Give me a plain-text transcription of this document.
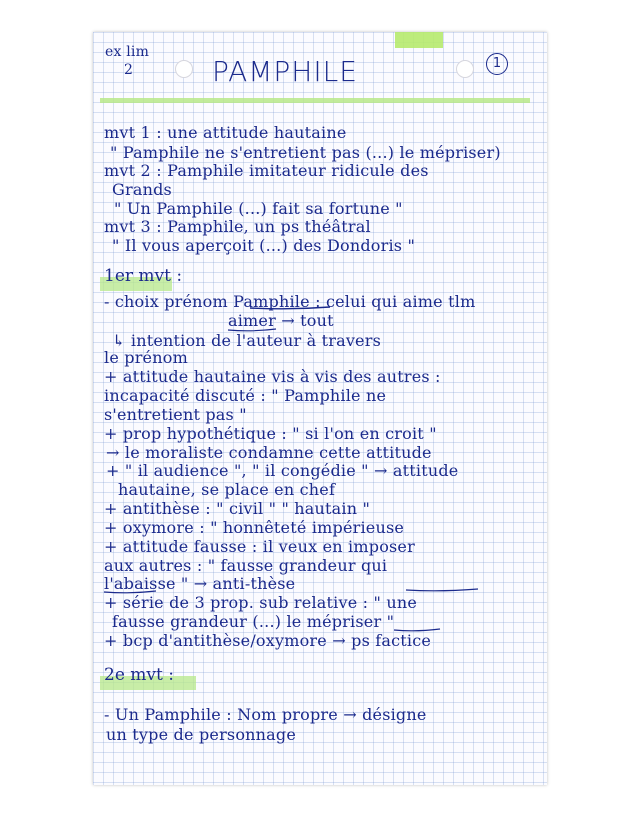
ex lim
2	PAMPHILE	1
mvt 1 : une attitude hautaine
" Pamphile ne s'entretient pas (...) le mépriser)
mvt 2 : Pamphile imitateur ridicule des
Grands
" Un Pamphile (...) fait sa fortune "
mvt 3 : Pamphile, un ps théâtral
" Il vous aperçoit (...) des Dondoris "
1er mvt :
- choix prénom Pamphile : celui qui aime tlm
aimer → tout
↳ intention de l'auteur à travers
le prénom
+ attitude hautaine vis à vis des autres :
incapacité discuté : " Pamphile ne
s'entretient pas "
+ prop hypothétique : " si l'on en croit "
→ le moraliste condamne cette attitude
+ " il audience ", " il congédie " → attitude
hautaine, se place en chef
+ antithèse : " civil " " hautain "
+ oxymore : " honnêteté impérieuse
+ attitude fausse : il veux en imposer
aux autres : " fausse grandeur qui
l'abaisse " → anti-thèse
+ série de 3 prop. sub relative : " une
fausse grandeur (...) le mépriser "
+ bcp d'antithèse/oxymore → ps factice
2e mvt :
- Un Pamphile : Nom propre → désigne
un type de personnage
